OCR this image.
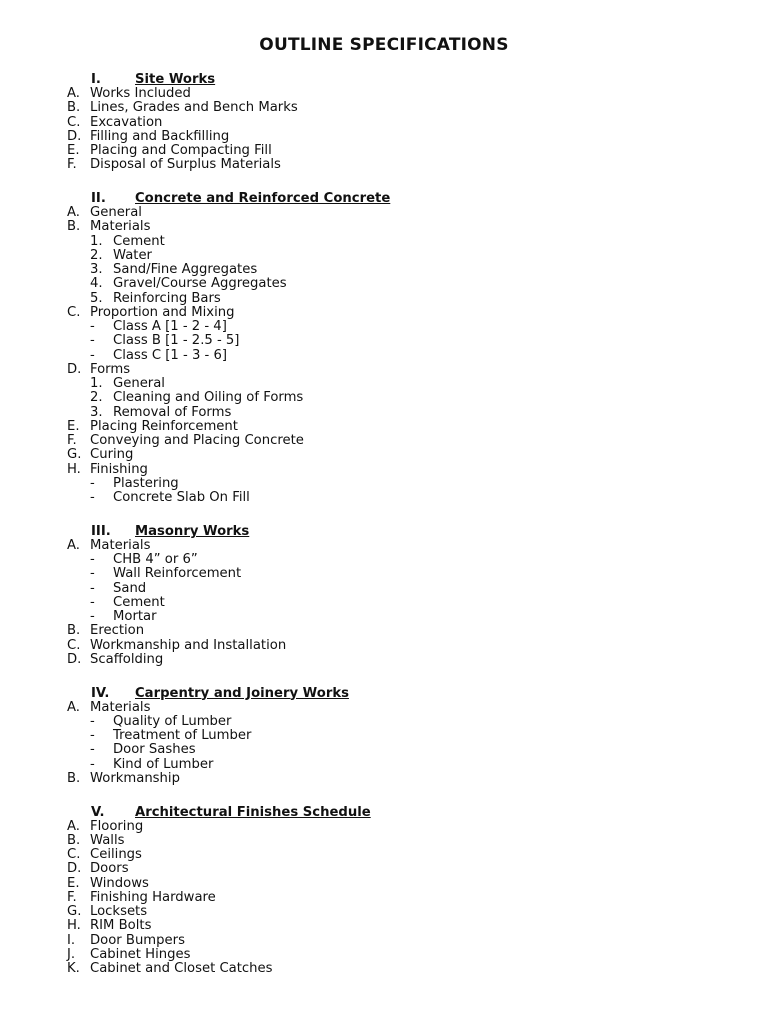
OUTLINE SPECIFICATIONS
I.	Site Works
A. Works Included
B. Lines, Grades and Bench Marks
C. Excavation
D. Filling and Backfilling
E. Placing and Compacting Fill
F.	Disposal of Surplus Materials
II. Concrete and Reinforced Concrete
A. General
B. Materials
1. Cement
2. Water
3. Sand/Fine Aggregates
4. Gravel/Course Aggregates
5. Reinforcing Bars
C. Proportion and Mixing
-	Class A [1 - 2 - 4]
-	Class B [1 - 2.5 - 5]
-	Class C [1 - 3 - 6]
D. Forms
1. General
2. Cleaning and Oiling of Forms
3. Removal of Forms
E. Placing Reinforcement
F.	Conveying and Placing Concrete
G. Curing
H. Finishing
-	Plastering
-	Concrete Slab On Fill
III. Masonry Works
A. Materials
-	CHB 4” or 6”
-	Wall Reinforcement
-	Sand
-	Cement
-	Mortar
B. Erection
C. Workmanship and Installation
D. Scaffolding
IV. Carpentry and Joinery Works
A. Materials
-	Quality of Lumber
-	Treatment of Lumber
-	Door Sashes
-	Kind of Lumber
B. Workmanship
V. Architectural Finishes Schedule
A. Flooring
B. Walls
C. Ceilings
D. Doors
E. Windows
F.	Finishing Hardware
G. Locksets
H. RIM Bolts
I.	Door Bumpers
J.	Cabinet Hinges
K. Cabinet and Closet Catches
